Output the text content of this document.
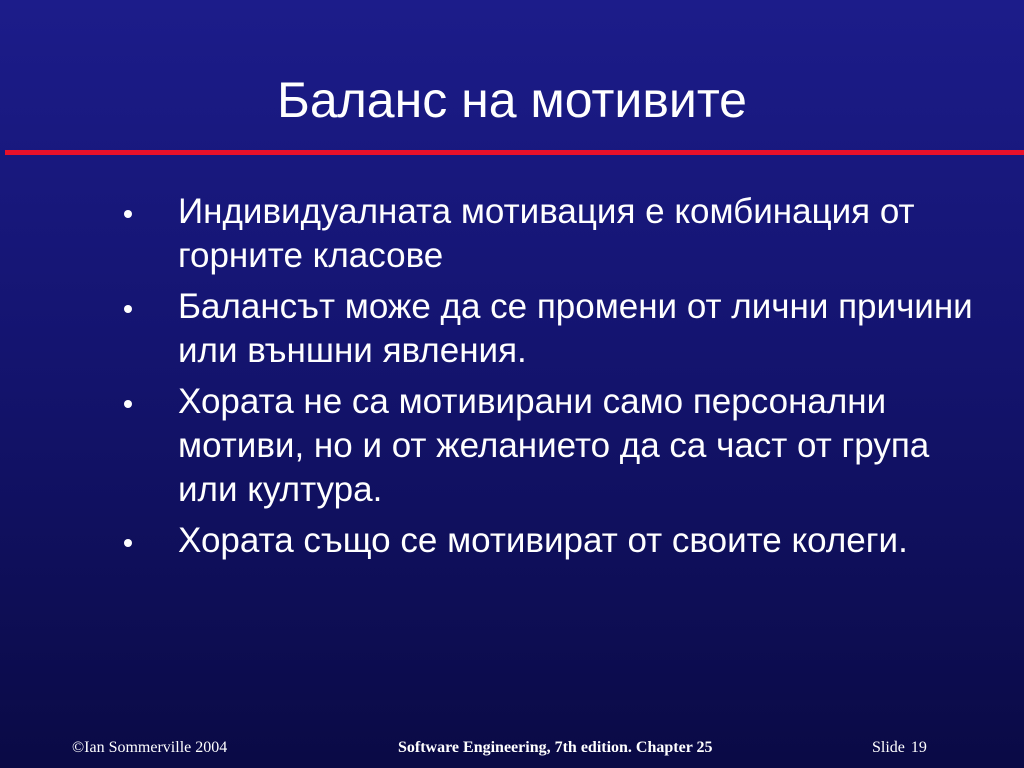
Баланс на мотивите
Индивидуалната мотивация е комбинация от горните класове
Балансът може да се промени от лични причини или външни явления.
Хората не са мотивирани само персонални мотиви, но и от желанието да са част от група или култура.
Хората също се мотивират от своите колеги.
©Ian Sommerville 2004	Software Engineering, 7th edition. Chapter 25	Slide 19
